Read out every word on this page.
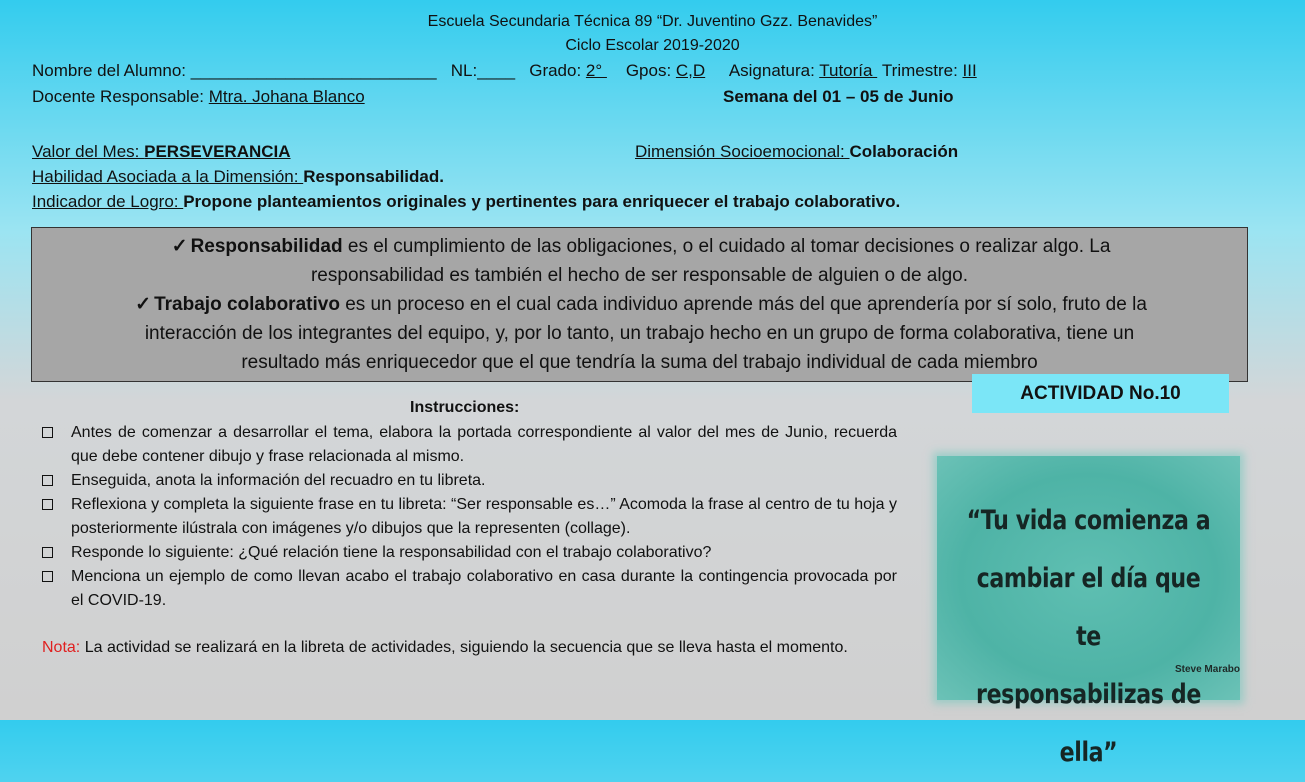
Escuela Secundaria Técnica 89 “Dr. Juventino Gzz. Benavides”
Ciclo Escolar 2019-2020
Nombre del Alumno: __________________________ NL:____ Grado: 2°     Gpos: C,D Asignatura: Tutoría  Trimestre: III
Docente Responsable: Mtra. Johana Blanco	Semana del 01 – 05 de Junio
Valor del Mes: PERSEVERANCIA	Dimensión Socioemocional: Colaboración
Habilidad Asociada a la Dimensión: Responsabilidad.
Indicador de Logro: Propone planteamientos originales y pertinentes para enriquecer el trabajo colaborativo.
✓ Responsabilidad es el cumplimiento de las obligaciones, o el cuidado al tomar decisiones o realizar algo. La
responsabilidad es también el hecho de ser responsable de alguien o de algo.
✓ Trabajo colaborativo es un proceso en el cual cada individuo aprende más del que aprendería por sí solo, fruto de la
interacción de los integrantes del equipo, y, por lo tanto, un trabajo hecho en un grupo de forma colaborativa, tiene un
resultado más enriquecedor que el que tendría la suma del trabajo individual de cada miembro
ACTIVIDAD No.10
Instrucciones:
Antes de comenzar a desarrollar el tema, elabora la portada correspondiente al valor del mes de Junio, recuerda que debe contener dibujo y frase relacionada al mismo.
Enseguida, anota la información del recuadro en tu libreta.
Reflexiona y completa la siguiente frase en tu libreta: “Ser responsable es…” Acomoda la frase al centro de tu hoja y posteriormente ilústrala con imágenes y/o dibujos que la representen (collage).
Responde lo siguiente: ¿Qué relación tiene la responsabilidad con el trabajo colaborativo?
Menciona un ejemplo de como llevan acabo el trabajo colaborativo en casa durante la contingencia provocada por el COVID-19.
Nota: La actividad se realizará en la libreta de actividades, siguiendo la secuencia que se lleva hasta el momento.
“Tu vida comienza a
cambiar el día que te
responsabilizas de ella”
Steve Marabo
